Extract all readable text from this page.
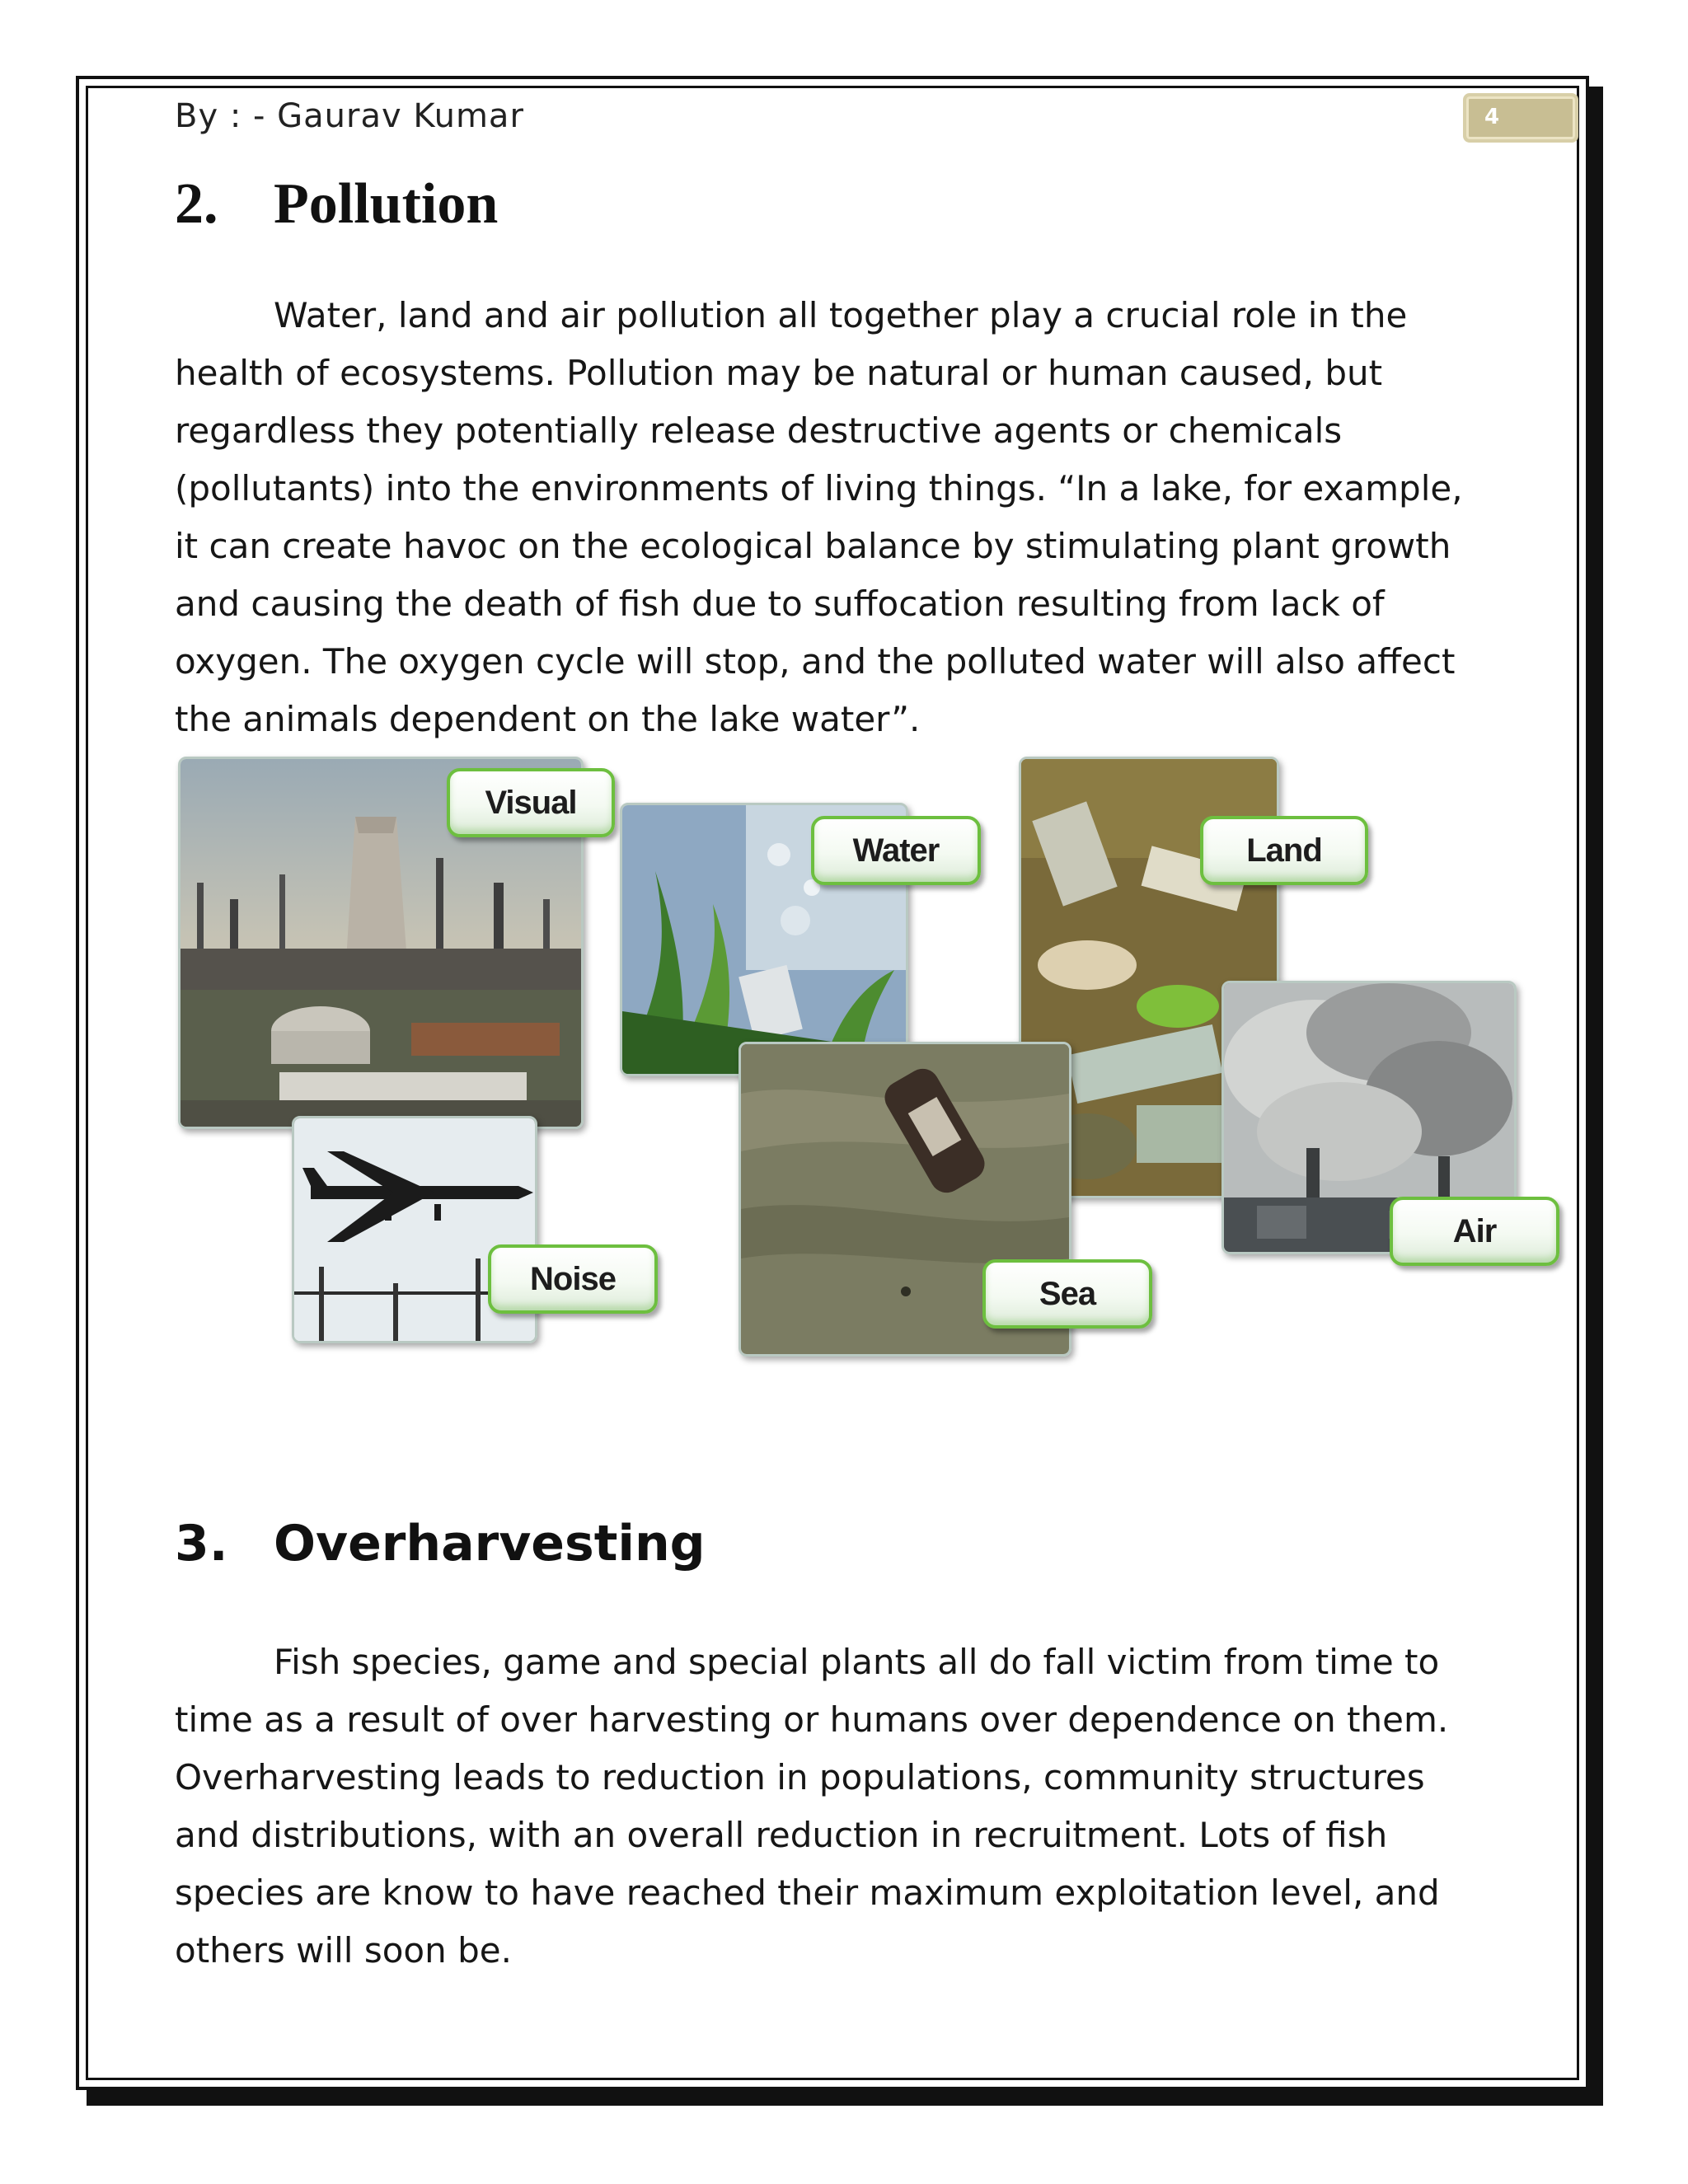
By : - Gaurav Kumar	4
2. Pollution

Water, land and air pollution all together play a crucial role in the health of ecosystems. Pollution may be natural or human caused, but regardless they potentially release destructive agents or chemicals (pollutants) into the environments of living things. “In a lake, for example, it can create havoc on the ecological balance by stimulating plant growth and causing the death of fish due to suffocation resulting from lack of oxygen. The oxygen cycle will stop, and the polluted water will also affect the animals dependent on the lake water”.

Visual
Water	Land
Noise	Sea
Air
3. Overharvesting

Fish species, game and special plants all do fall victim from time to time as a result of over harvesting or humans over dependence on them. Overharvesting leads to reduction in populations, community structures and distributions, with an overall reduction in recruitment. Lots of fish species are know to have reached their maximum exploitation level, and others will soon be.
